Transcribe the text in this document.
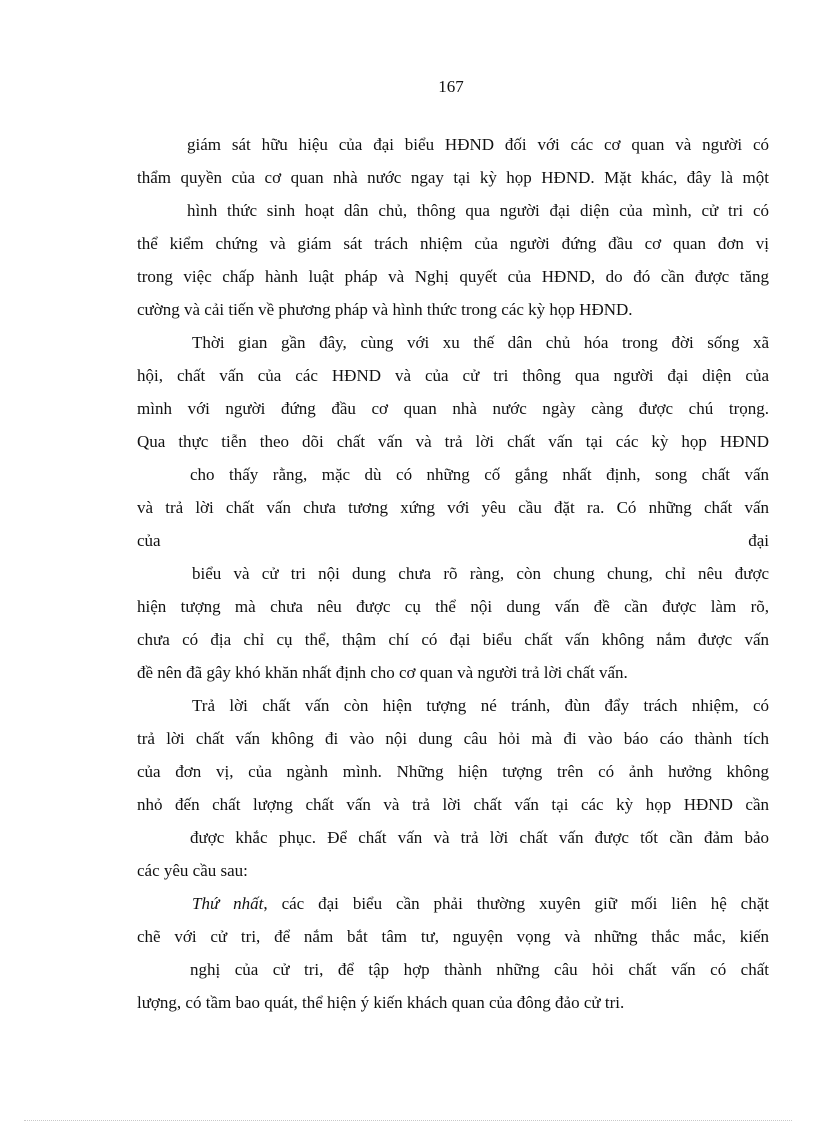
167
giám sát hữu hiệu của đại biểu HĐND đối với các cơ quan và người có
thẩm quyền của cơ quan nhà nước ngay tại kỳ họp HĐND. Mặt khác, đây là một
hình thức sinh hoạt dân chủ, thông qua người đại diện của mình, cử tri có
thể kiểm chứng và giám sát trách nhiệm của người đứng đầu cơ quan đơn vị
trong việc chấp hành luật pháp và Nghị quyết của HĐND, do đó cần được tăng
cường và cải tiến về phương pháp và hình thức trong các kỳ họp HĐND.
Thời gian gần đây, cùng với xu thế dân chủ hóa trong đời sống xã
hội, chất vấn của các HĐND và của cử tri thông qua người đại diện của
mình với người đứng đầu cơ quan nhà nước ngày càng được chú trọng.
Qua thực tiễn theo dõi chất vấn và trả lời chất vấn tại các kỳ họp HĐND
cho thấy rằng, mặc dù có những cố gắng nhất định, song chất vấn
và trả lời chất vấn chưa tương xứng với yêu cầu đặt ra. Có những chất vấn
của	đại
biểu và cử tri nội dung chưa rõ ràng, còn chung chung, chỉ nêu được
hiện tượng mà chưa nêu được cụ thể nội dung vấn đề cần được làm rõ,
chưa có địa chỉ cụ thể, thậm chí có đại biểu chất vấn không nắm được vấn
đề nên đã gây khó khăn nhất định cho cơ quan và người trả lời chất vấn.
Trả lời chất vấn còn hiện tượng né tránh, đùn đẩy trách nhiệm, có
trả lời chất vấn không đi vào nội dung câu hỏi mà đi vào báo cáo thành tích
của đơn vị, của ngành mình. Những hiện tượng trên có ảnh hưởng không
nhỏ đến chất lượng chất vấn và trả lời chất vấn tại các kỳ họp HĐND cần
được khắc phục. Để chất vấn và trả lời chất vấn được tốt cần đảm bảo
các yêu cầu sau:
Thứ nhất, các đại biểu cần phải thường xuyên giữ mối liên hệ chặt
chẽ với cử tri, để nắm bắt tâm tư, nguyện vọng và những thắc mắc, kiến
nghị của cử tri, để tập hợp thành những câu hỏi chất vấn có chất
lượng, có tầm bao quát, thể hiện ý kiến khách quan của đông đảo cử tri.
